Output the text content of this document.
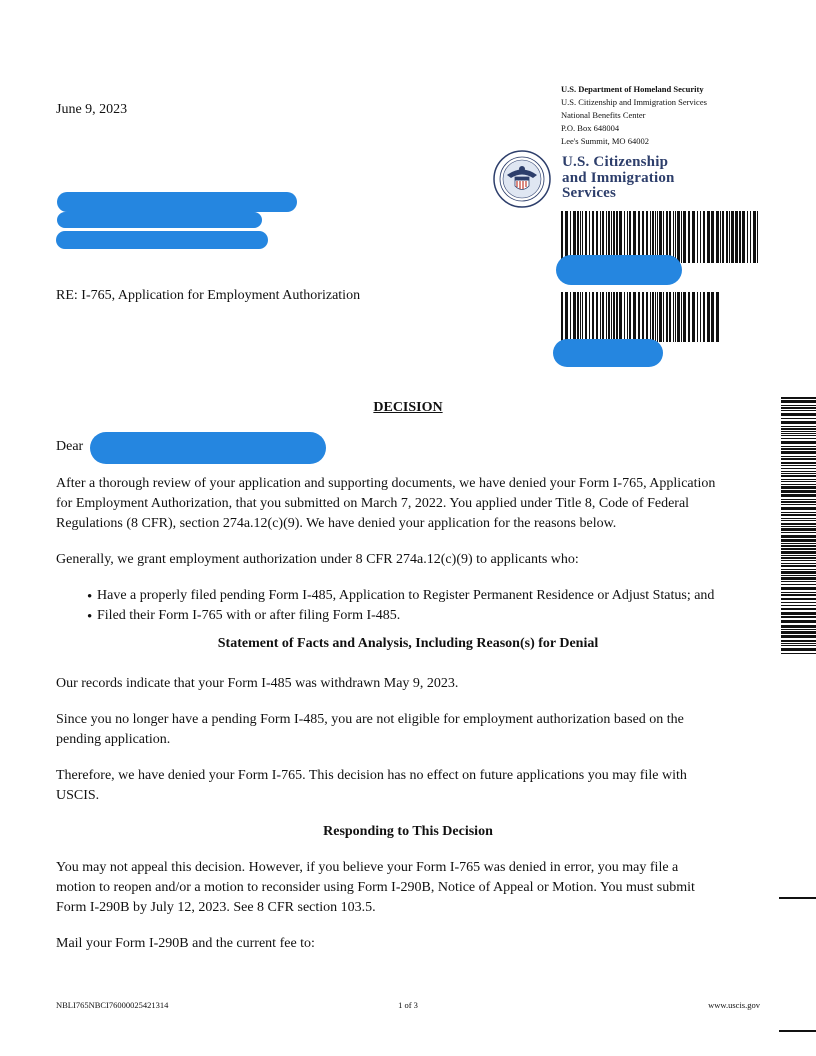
June 9, 2023
U.S. Department of Homeland Security
U.S. Citizenship and Immigration Services
National Benefits Center
P.O. Box 648004
Lee's Summit, MO 64002
U.S. Citizenship
and Immigration
Services
RE: I-765, Application for Employment Authorization
DECISION
Dear
After a thorough review of your application and supporting documents, we have denied your Form I-765, Application
for Employment Authorization, that you submitted on March 7, 2022. You applied under Title 8, Code of Federal
Regulations (8 CFR), section 274a.12(c)(9). We have denied your application for the reasons below.
Generally, we grant employment authorization under 8 CFR 274a.12(c)(9) to applicants who:
• Have a properly filed pending Form I-485, Application to Register Permanent Residence or Adjust Status; and
• Filed their Form I-765 with or after filing Form I-485.
Statement of Facts and Analysis, Including Reason(s) for Denial
Our records indicate that your Form I-485 was withdrawn May 9, 2023.
Since you no longer have a pending Form I-485, you are not eligible for employment authorization based on the
pending application.
Therefore, we have denied your Form I-765. This decision has no effect on future applications you may file with
USCIS.
Responding to This Decision
You may not appeal this decision. However, if you believe your Form I-765 was denied in error, you may file a
motion to reopen and/or a motion to reconsider using Form I-290B, Notice of Appeal or Motion. You must submit
Form I-290B by July 12, 2023. See 8 CFR section 103.5.
Mail your Form I-290B and the current fee to:
NBLI765NBCI76000025421314	1 of 3	www.uscis.gov
